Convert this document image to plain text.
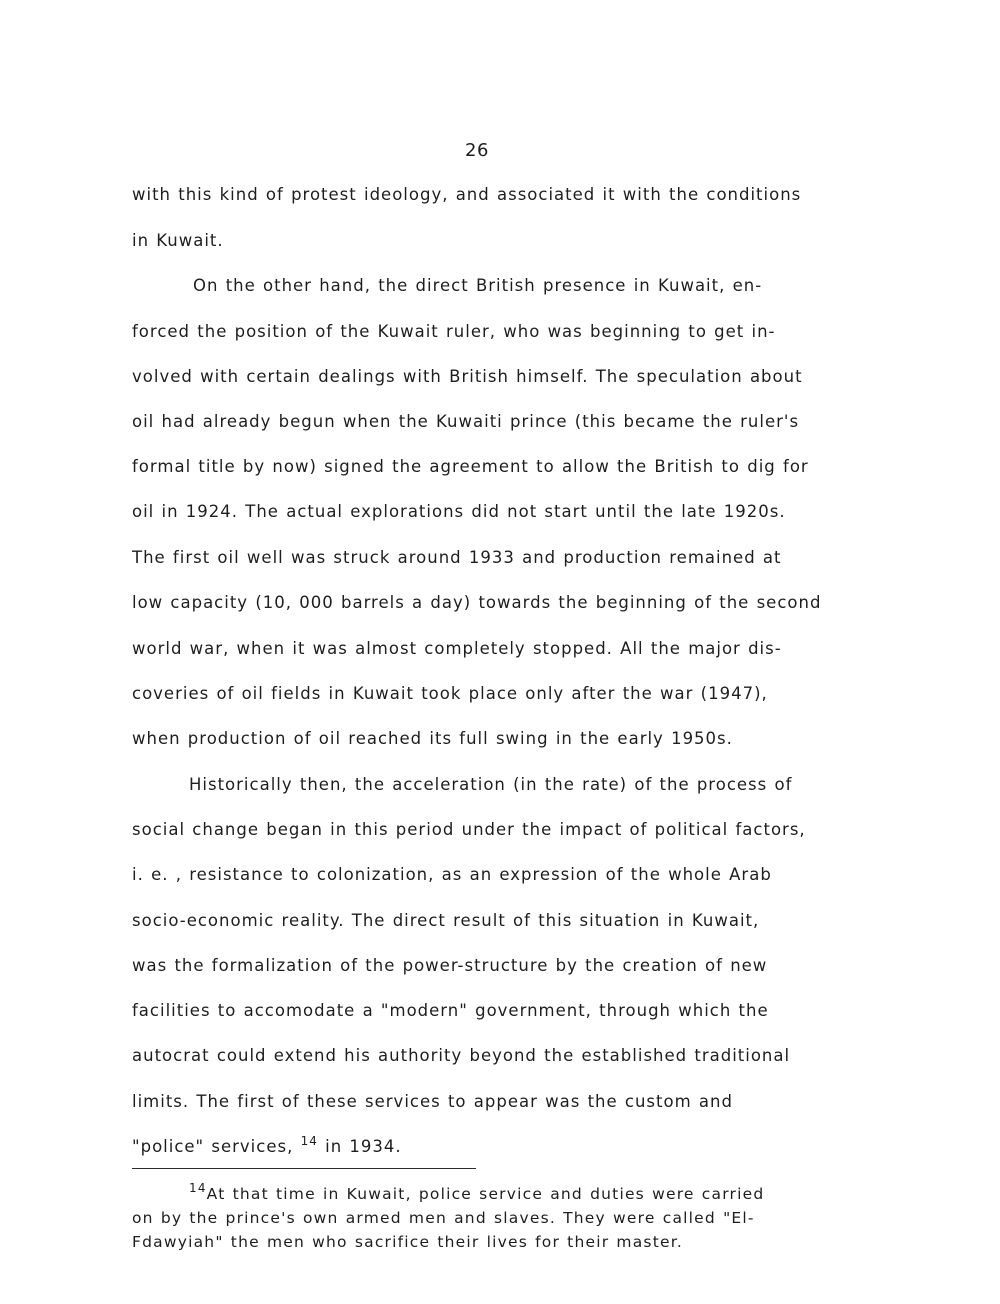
26
with this kind of protest ideology, and associated it with the conditions
in Kuwait.
On the other hand, the direct British presence in Kuwait, en-
forced the position of the Kuwait ruler, who was beginning to get in-
volved with certain dealings with British himself. The speculation about
oil had already begun when the Kuwaiti prince (this became the ruler's
formal title by now) signed the agreement to allow the British to dig for
oil in 1924. The actual explorations did not start until the late 1920s.
The first oil well was struck around 1933 and production remained at
low capacity (10, 000 barrels a day) towards the beginning of the second
world war, when it was almost completely stopped. All the major dis-
coveries of oil fields in Kuwait took place only after the war (1947),
when production of oil reached its full swing in the early 1950s.
Historically then, the acceleration (in the rate) of the process of
social change began in this period under the impact of political factors,
i. e. , resistance to colonization, as an expression of the whole Arab
socio-economic reality. The direct result of this situation in Kuwait,
was the formalization of the power-structure by the creation of new
facilities to accomodate a "modern" government, through which the
autocrat could extend his authority beyond the established traditional
limits. The first of these services to appear was the custom and
"police" services, $^{14}$ in 1934.
$^{14}$At that time in Kuwait, police service and duties were carried
on by the prince's own armed men and slaves. They were called "El-
Fdawyiah" the men who sacrifice their lives for their master.
